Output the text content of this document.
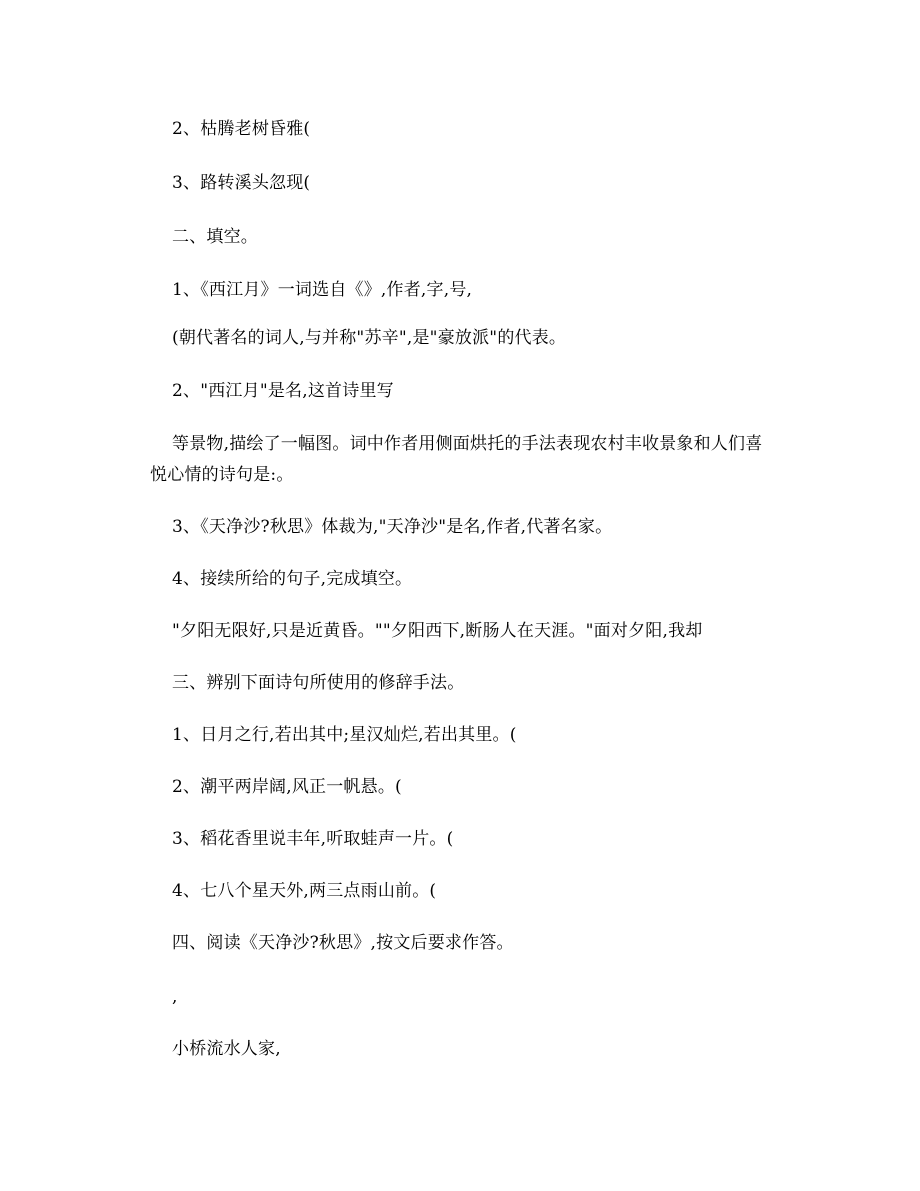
2、枯腾老树昏雅(
3、路转溪头忽现(
二、填空。
1、《西江月》一词选自《》,作者,字,号,
(朝代著名的词人,与并称"苏辛",是"豪放派"的代表。
2、"西江月"是名,这首诗里写
等景物,描绘了一幅图。词中作者用侧面烘托的手法表现农村丰收景象和人们喜
悦心情的诗句是:。
3、《天净沙?秋思》体裁为,"天净沙"是名,作者,代著名家。
4、接续所给的句子,完成填空。
"夕阳无限好,只是近黄昏。""夕阳西下,断肠人在天涯。"面对夕阳,我却
三、辨别下面诗句所使用的修辞手法。
1、日月之行,若出其中;星汉灿烂,若出其里。(
2、潮平两岸阔,风正一帆悬。(
3、稻花香里说丰年,听取蛙声一片。(
4、七八个星天外,两三点雨山前。(
四、阅读《天净沙?秋思》,按文后要求作答。
,
小桥流水人家,
